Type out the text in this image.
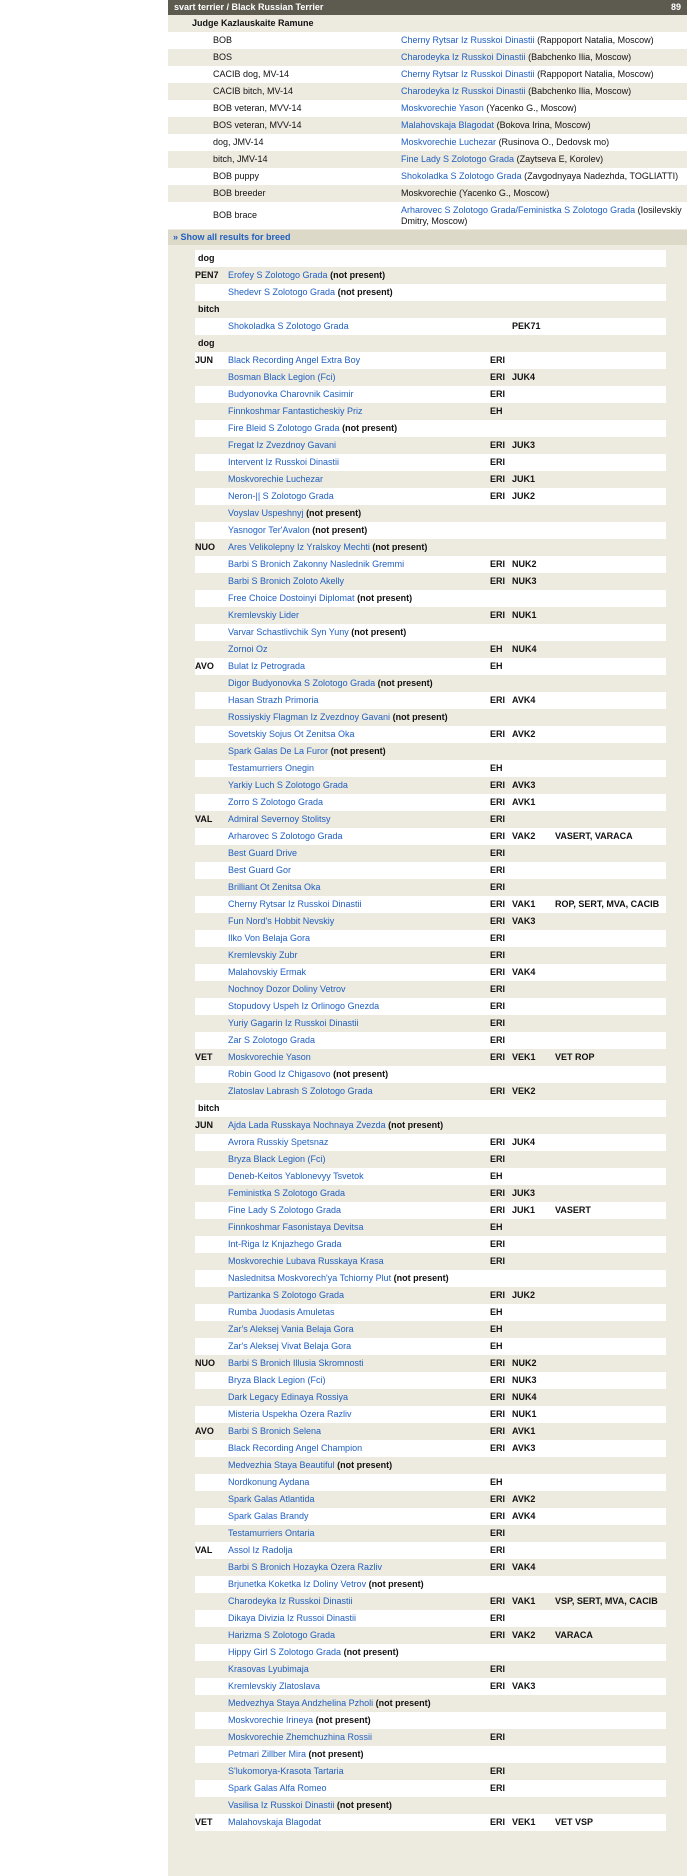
svart terrier / Black Russian Terrier	89
Judge Kazlauskaite Ramune
BOB	Cherny Rytsar Iz Russkoi Dinastii (Rappoport Natalia, Moscow)
BOS	Charodeyka Iz Russkoi Dinastii (Babchenko Ilia, Moscow)
CACIB dog, MV-14	Cherny Rytsar Iz Russkoi Dinastii (Rappoport Natalia, Moscow)
CACIB bitch, MV-14	Charodeyka Iz Russkoi Dinastii (Babchenko Ilia, Moscow)
BOB veteran, MVV-14	Moskvorechie Yason (Yacenko G., Moscow)
BOS veteran, MVV-14	Malahovskaja Blagodat (Bokova Irina, Moscow)
dog, JMV-14	Moskvorechie Luchezar (Rusinova O., Dedovsk mo)
bitch, JMV-14	Fine Lady S Zolotogo Grada (Zaytseva E, Korolev)
BOB puppy	Shokoladka S Zolotogo Grada (Zavgodnyaya Nadezhda, TOGLIATTI)
BOB breeder	Moskvorechie (Yacenko G., Moscow)
BOB brace	Arharovec S Zolotogo Grada/Feministka S Zolotogo Grada (Iosilevskiy Dmitry, Moscow)
» Show all results for breed
dog				
PEN7	Erofey S Zolotogo Grada (not present)			
	Shedevr S Zolotogo Grada (not present)			
bitch				
	Shokoladka S Zolotogo Grada		PEK71	
dog				
JUN	Black Recording Angel Extra Boy	ERI		
	Bosman Black Legion (Fci)	ERI	JUK4	
	Budyonovka Charovnik Casimir	ERI		
	Finnkoshmar Fantasticheskiy Priz	EH		
	Fire Bleid S Zolotogo Grada (not present)			
	Fregat Iz Zvezdnoy Gavani	ERI	JUK3	
	Intervent Iz Russkoi Dinastii	ERI		
	Moskvorechie Luchezar	ERI	JUK1	
	Neron-|| S Zolotogo Grada	ERI	JUK2	
	Voyslav Uspeshnyj (not present)			
	Yasnogor Ter'Avalon (not present)			
NUO	Ares Velikolepny Iz Yralskoy Mechti (not present)			
	Barbi S Bronich Zakonny Naslednik Gremmi	ERI	NUK2	
	Barbi S Bronich Zoloto Akelly	ERI	NUK3	
	Free Choice Dostoinyi Diplomat (not present)			
	Kremlevskiy Lider	ERI	NUK1	
	Varvar Schastlivchik Syn Yuny (not present)			
	Zornoi Oz	EH	NUK4	
AVO	Bulat Iz Petrograda	EH		
	Digor Budyonovka S Zolotogo Grada (not present)			
	Hasan Strazh Primoria	ERI	AVK4	
	Rossiyskiy Flagman Iz Zvezdnoy Gavani (not present)			
	Sovetskiy Sojus Ot Zenitsa Oka	ERI	AVK2	
	Spark Galas De La Furor (not present)			
	Testamurriers Onegin	EH		
	Yarkiy Luch S Zolotogo Grada	ERI	AVK3	
	Zorro S Zolotogo Grada	ERI	AVK1	
VAL	Admiral Severnoy Stolitsy	ERI		
	Arharovec S Zolotogo Grada	ERI	VAK2	VASERT, VARACA
	Best Guard Drive	ERI		
	Best Guard Gor	ERI		
	Brilliant Ot Zenitsa Oka	ERI		
	Cherny Rytsar Iz Russkoi Dinastii	ERI	VAK1	ROP, SERT, MVA, CACIB
	Fun Nord's Hobbit Nevskiy	ERI	VAK3	
	Ilko Von Belaja Gora	ERI		
	Kremlevskiy Zubr	ERI		
	Malahovskiy Ermak	ERI	VAK4	
	Nochnoy Dozor Doliny Vetrov	ERI		
	Stopudovy Uspeh Iz Orlinogo Gnezda	ERI		
	Yuriy Gagarin Iz Russkoi Dinastii	ERI		
	Zar S Zolotogo Grada	ERI		
VET	Moskvorechie Yason	ERI	VEK1	VET ROP
	Robin Good Iz Chigasovo (not present)			
	Zlatoslav Labrash S Zolotogo Grada	ERI	VEK2	
bitch				
JUN	Ajda Lada Russkaya Nochnaya Zvezda (not present)			
	Avrora Russkiy Spetsnaz	ERI	JUK4	
	Bryza Black Legion (Fci)	ERI		
	Deneb-Keitos Yablonevyy Tsvetok	EH		
	Feministka S Zolotogo Grada	ERI	JUK3	
	Fine Lady S Zolotogo Grada	ERI	JUK1	VASERT
	Finnkoshmar Fasonistaya Devitsa	EH		
	Int-Riga Iz Knjazhego Grada	ERI		
	Moskvorechie Lubava Russkaya Krasa	ERI		
	Naslednitsa Moskvorech'ya Tchiorny Plut (not present)			
	Partizanka S Zolotogo Grada	ERI	JUK2	
	Rumba Juodasis Amuletas	EH		
	Zar's Aleksej Vania Belaja Gora	EH		
	Zar's Aleksej Vivat Belaja Gora	EH		
NUO	Barbi S Bronich Illusia Skromnosti	ERI	NUK2	
	Bryza Black Legion (Fci)	ERI	NUK3	
	Dark Legacy Edinaya Rossiya	ERI	NUK4	
	Misteria Uspekha Ozera Razliv	ERI	NUK1	
AVO	Barbi S Bronich Selena	ERI	AVK1	
	Black Recording Angel Champion	ERI	AVK3	
	Medvezhia Staya Beautiful (not present)			
	Nordkonung Aydana	EH		
	Spark Galas Atlantida	ERI	AVK2	
	Spark Galas Brandy	ERI	AVK4	
	Testamurriers Ontaria	ERI		
VAL	Assol Iz Radolja	ERI		
	Barbi S Bronich Hozayka Ozera Razliv	ERI	VAK4	
	Brjunetka Koketka Iz Doliny Vetrov (not present)			
	Charodeyka Iz Russkoi Dinastii	ERI	VAK1	VSP, SERT, MVA, CACIB
	Dikaya Divizia Iz Russoi Dinastii	ERI		
	Harizma S Zolotogo Grada	ERI	VAK2	VARACA
	Hippy Girl S Zolotogo Grada (not present)			
	Krasovas Lyubimaja	ERI		
	Kremlevskiy Zlatoslava	ERI	VAK3	
	Medvezhya Staya Andzhelina Pzholi (not present)			
	Moskvorechie Irineya (not present)			
	Moskvorechie Zhemchuzhina Rossii	ERI		
	Petmari Zillber Mira (not present)			
	S'lukomorya-Krasota Tartaria	ERI		
	Spark Galas Alfa Romeo	ERI		
	Vasilisa Iz Russkoi Dinastii (not present)			
VET	Malahovskaja Blagodat	ERI	VEK1	VET VSP
